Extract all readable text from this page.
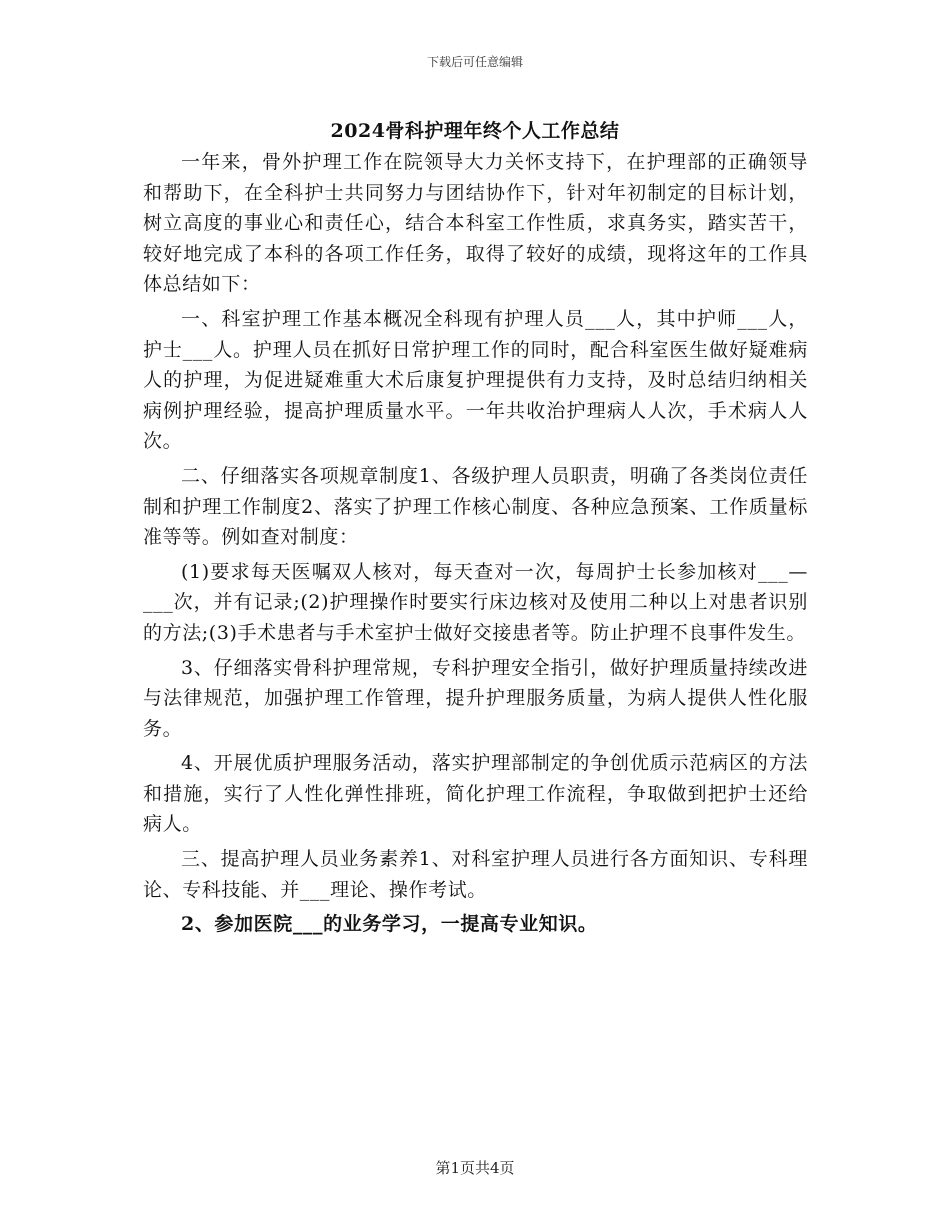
下载后可任意编辑
2024骨科护理年终个人工作总结

一年来，骨外护理工作在院领导大力关怀支持下，在护理部的正确领导和帮助下，在全科护士共同努力与团结协作下，针对年初制定的目标计划，树立高度的事业心和责任心，结合本科室工作性质，求真务实，踏实苦干，较好地完成了本科的各项工作任务，取得了较好的成绩，现将这年的工作具体总结如下：

一、科室护理工作基本概况全科现有护理人员___人，其中护师___人，护士___人。护理人员在抓好日常护理工作的同时，配合科室医生做好疑难病人的护理，为促进疑难重大术后康复护理提供有力支持，及时总结归纳相关病例护理经验，提高护理质量水平。一年共收治护理病人人次，手术病人人次。

二、仔细落实各项规章制度1、各级护理人员职责，明确了各类岗位责任制和护理工作制度2、落实了护理工作核心制度、各种应急预案、工作质量标准等等。例如查对制度：

(1)要求每天医嘱双人核对，每天查对一次，每周护士长参加核对___—___次，并有记录;(2)护理操作时要实行床边核对及使用二种以上对患者识别的方法;(3)手术患者与手术室护士做好交接患者等。防止护理不良事件发生。

3、仔细落实骨科护理常规，专科护理安全指引，做好护理质量持续改进与法律规范，加强护理工作管理，提升护理服务质量，为病人提供人性化服务。

4、开展优质护理服务活动，落实护理部制定的争创优质示范病区的方法和措施，实行了人性化弹性排班，简化护理工作流程，争取做到把护士还给病人。

三、提高护理人员业务素养1、对科室护理人员进行各方面知识、专科理论、专科技能、并___理论、操作考试。

2、参加医院___的业务学习，一提高专业知识。

第1页共4页
